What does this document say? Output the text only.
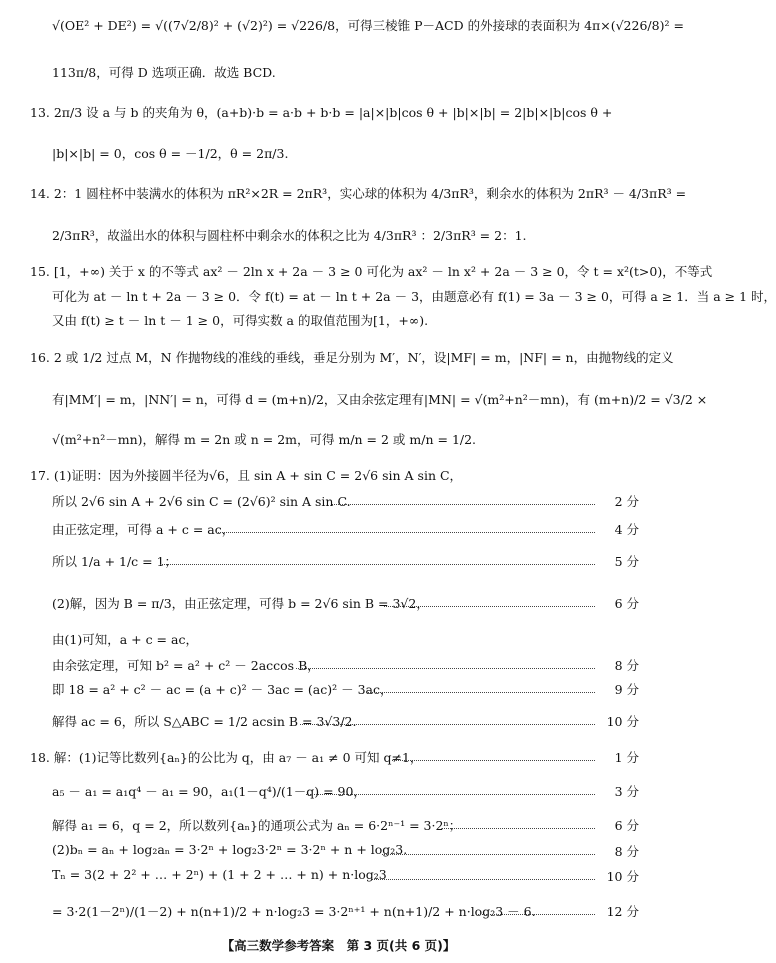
√(OE² + DE²) = √((7√2/8)² + (√2)²) = √226/8，可得三棱锥 P－ACD 的外接球的表面积为 4π×(√226/8)² =
113π/8，可得 D 选项正确．故选 BCD.
13. 2π/3 设 a 与 b 的夹角为 θ，(a+b)·b = a·b + b·b = |a|×|b|cos θ + |b|×|b| = 2|b|×|b|cos θ +
|b|×|b| = 0，cos θ = －1/2，θ = 2π/3.
14. 2：1 圆柱杯中装满水的体积为 πR²×2R = 2πR³，实心球的体积为 4/3πR³，剩余水的体积为 2πR³ － 4/3πR³ =
2/3πR³，故溢出水的体积与圆柱杯中剩余水的体积之比为 4/3πR³ ：2/3πR³ = 2：1.
15. [1，+∞) 关于 x 的不等式 ax² － 2ln x + 2a － 3 ≥ 0 可化为 ax² － ln x² + 2a － 3 ≥ 0，令 t = x²(t>0)，不等式
可化为 at － ln t + 2a － 3 ≥ 0．令 f(t) = at － ln t + 2a － 3，由题意必有 f(1) = 3a － 3 ≥ 0，可得 a ≥ 1．当 a ≥ 1 时，
又由 f(t) ≥ t － ln t － 1 ≥ 0，可得实数 a 的取值范围为[1，+∞).
16. 2 或 1/2 过点 M，N 作抛物线的准线的垂线，垂足分别为 M′，N′，设|MF| = m，|NF| = n，由抛物线的定义
有|MM′| = m，|NN′| = n，可得 d = (m+n)/2，又由余弦定理有|MN| = √(m²+n²－mn)，有 (m+n)/2 = √3/2 ×
√(m²+n²－mn)，解得 m = 2n 或 n = 2m，可得 m/n = 2 或 m/n = 1/2.
17. (1)证明：因为外接圆半径为√6，且 sin A + sin C = 2√6 sin A sin C，
由(1)可知，a + c = ac，
所以 2√6 sin A + 2√6 sin C = (2√6)² sin A sin C.	2 分
由正弦定理，可得 a + c = ac，	4 分
所以 1/a + 1/c = 1；	5 分
(2)解，因为 B = π/3，由正弦定理，可得 b = 2√6 sin B = 3√2，	6 分
由余弦定理，可知 b² = a² + c² － 2accos B，	8 分
即 18 = a² + c² － ac = (a + c)² － 3ac = (ac)² － 3ac，	9 分
解得 ac = 6，所以 S△ABC = 1/2 acsin B = 3√3/2.	10 分
18. 解：(1)记等比数列{aₙ}的公比为 q，由 a₇ － a₁ ≠ 0 可知 q≠1，	1 分
a₅ － a₁ = a₁q⁴ － a₁ = 90，a₁(1－q⁴)/(1－q) = 90，	3 分
解得 a₁ = 6，q = 2，所以数列{aₙ}的通项公式为 aₙ = 6·2ⁿ⁻¹ = 3·2ⁿ；	6 分
(2)bₙ = aₙ + log₂aₙ = 3·2ⁿ + log₂3·2ⁿ = 3·2ⁿ + n + log₂3.	8 分
Tₙ = 3(2 + 2² + … + 2ⁿ) + (1 + 2 + … + n) + n·log₂3	10 分
= 3·2(1－2ⁿ)/(1－2) + n(n+1)/2 + n·log₂3 = 3·2ⁿ⁺¹ + n(n+1)/2 + n·log₂3 － 6.	12 分
【高三数学参考答案　第 3 页(共 6 页)】
